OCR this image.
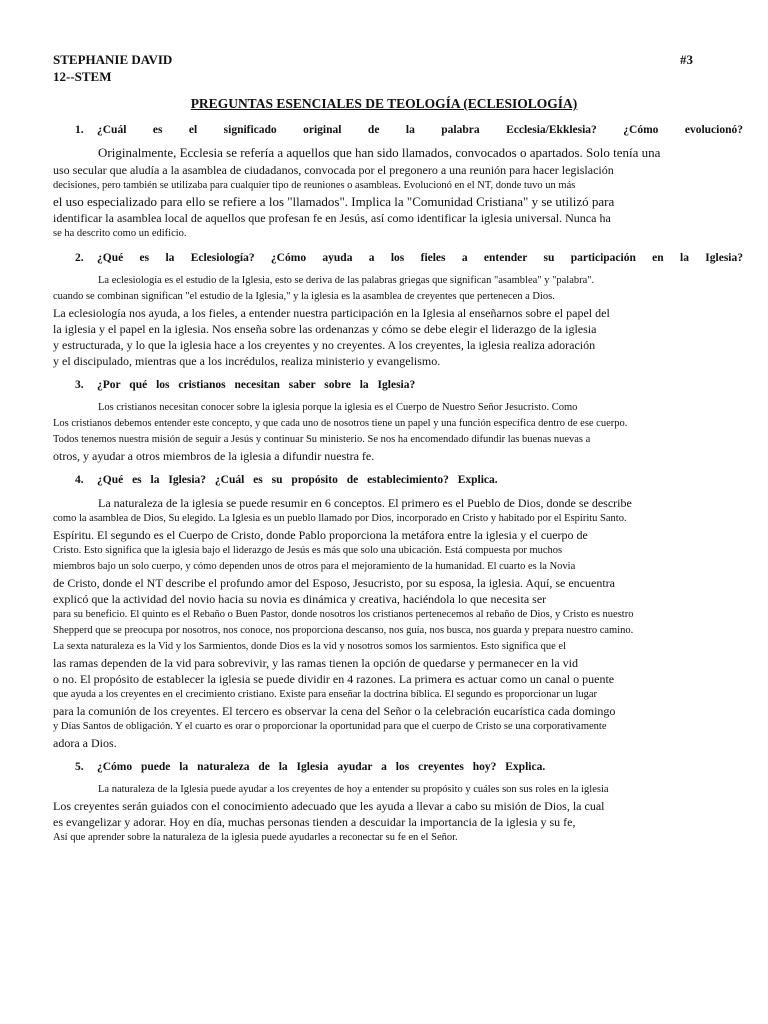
STEPHANIE DAVID	#3
12--STEM
PREGUNTAS ESENCIALES DE TEOLOGÍA (ECLESIOLOGÍA)
1.	¿Cuál es el significado original de la palabra Ecclesia/Ekklesia? ¿Cómo evolucionó?
Originalmente, Ecclesia se refería a aquellos que han sido llamados, convocados o apartados. Solo tenía una
uso secular que aludía a la asamblea de ciudadanos, convocada por el pregonero a una reunión para hacer legislación
decisiones, pero también se utilizaba para cualquier tipo de reuniones o asambleas. Evolucionó en el NT, donde tuvo un más
el uso especializado para ello se refiere a los "llamados". Implica la "Comunidad Cristiana" y se utilizó para
identificar la asamblea local de aquellos que profesan fe en Jesús, así como identificar la iglesia universal. Nunca ha
se ha descrito como un edificio.
2.	¿Qué es la Eclesiología? ¿Cómo ayuda a los fieles a entender su participación en la Iglesia?
La eclesiología es el estudio de la Iglesia, esto se deriva de las palabras griegas que significan "asamblea" y "palabra".
cuando se combinan significan "el estudio de la Iglesia," y la iglesia es la asamblea de creyentes que pertenecen a Dios.
La eclesiología nos ayuda, a los fieles, a entender nuestra participación en la Iglesia al enseñarnos sobre el papel del
la iglesia y el papel en la iglesia. Nos enseña sobre las ordenanzas y cómo se debe elegir el liderazgo de la iglesia
y estructurada, y lo que la iglesia hace a los creyentes y no creyentes. A los creyentes, la iglesia realiza adoración
y el discipulado, mientras que a los incrédulos, realiza ministerio y evangelismo.
3.	¿Por qué los cristianos necesitan saber sobre la Iglesia?
Los cristianos necesitan conocer sobre la iglesia porque la iglesia es el Cuerpo de Nuestro Señor Jesucristo. Como
Los cristianos debemos entender este concepto, y que cada uno de nosotros tiene un papel y una función específica dentro de ese cuerpo.
Todos tenemos nuestra misión de seguir a Jesús y continuar Su ministerio. Se nos ha encomendado difundir las buenas nuevas a
otros, y ayudar a otros miembros de la iglesia a difundir nuestra fe.
4.	¿Qué es la Iglesia? ¿Cuál es su propósito de establecimiento? Explica.
La naturaleza de la iglesia se puede resumir en 6 conceptos. El primero es el Pueblo de Dios, donde se describe
como la asamblea de Dios, Su elegido. La Iglesia es un pueblo llamado por Dios, incorporado en Cristo y habitado por el Espíritu Santo.
Espíritu. El segundo es el Cuerpo de Cristo, donde Pablo proporciona la metáfora entre la iglesia y el cuerpo de
Cristo. Esto significa que la iglesia bajo el liderazgo de Jesús es más que solo una ubicación. Está compuesta por muchos
miembros bajo un solo cuerpo, y cómo dependen unos de otros para el mejoramiento de la humanidad. El cuarto es la Novia
de Cristo, donde el NT describe el profundo amor del Esposo, Jesucristo, por su esposa, la iglesia. Aquí, se encuentra
explicó que la actividad del novio hacia su novia es dinámica y creativa, haciéndola lo que necesita ser
para su beneficio. El quinto es el Rebaño o Buen Pastor, donde nosotros los cristianos pertenecemos al rebaño de Dios, y Cristo es nuestro
Shepperd que se preocupa por nosotros, nos conoce, nos proporciona descanso, nos guía, nos busca, nos guarda y prepara nuestro camino.
La sexta naturaleza es la Vid y los Sarmientos, donde Dios es la vid y nosotros somos los sarmientos. Esto significa que el
las ramas dependen de la vid para sobrevivir, y las ramas tienen la opción de quedarse y permanecer en la vid
o no. El propósito de establecer la iglesia se puede dividir en 4 razones. La primera es actuar como un canal o puente
que ayuda a los creyentes en el crecimiento cristiano. Existe para enseñar la doctrina bíblica. El segundo es proporcionar un lugar
para la comunión de los creyentes. El tercero es observar la cena del Señor o la celebración eucarística cada domingo
y Días Santos de obligación. Y el cuarto es orar o proporcionar la oportunidad para que el cuerpo de Cristo se una corporativamente
adora a Dios.
5.	¿Cómo puede la naturaleza de la Iglesia ayudar a los creyentes hoy? Explica.
La naturaleza de la Iglesia puede ayudar a los creyentes de hoy a entender su propósito y cuáles son sus roles en la iglesia
Los creyentes serán guiados con el conocimiento adecuado que les ayuda a llevar a cabo su misión de Dios, la cual
es evangelizar y adorar. Hoy en día, muchas personas tienden a descuidar la importancia de la iglesia y su fe,
Así que aprender sobre la naturaleza de la iglesia puede ayudarles a reconectar su fe en el Señor.
